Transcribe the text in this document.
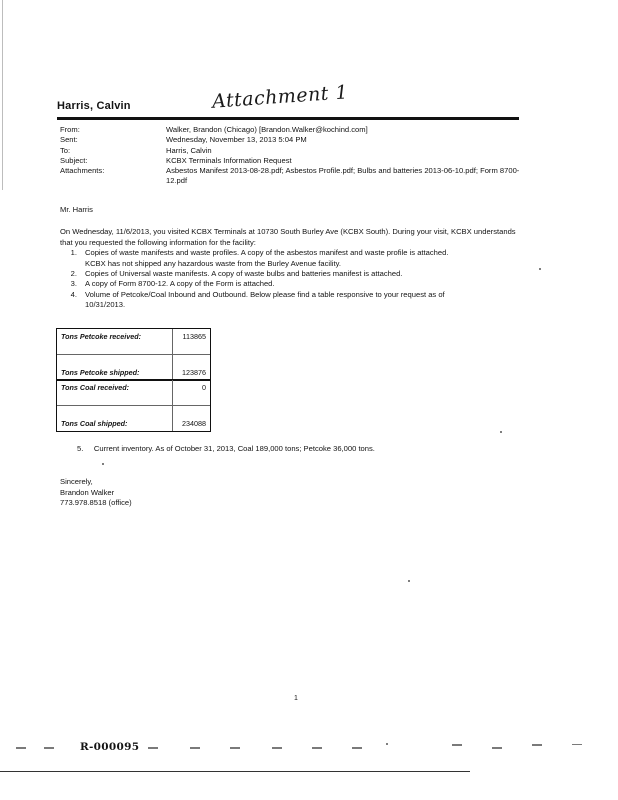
Harris, Calvin	Attachment 1
From:	Walker, Brandon (Chicago) [Brandon.Walker@kochind.com]
Sent:	Wednesday, November 13, 2013 5:04 PM
To:	Harris, Calvin
Subject:	KCBX Terminals Information Request
Attachments:	Asbestos Manifest 2013-08-28.pdf; Asbestos Profile.pdf; Bulbs and batteries 2013-06-10.pdf; Form 8700-12.pdf

Mr. Harris

On Wednesday, 11/6/2013, you visited KCBX Terminals at 10730 South Burley Ave (KCBX South). During your visit, KCBX understands that you requested the following information for the facility:

1. Copies of waste manifests and waste profiles. A copy of the asbestos manifest and waste profile is attached.
KCBX has not shipped any hazardous waste from the Burley Avenue facility.
2. Copies of Universal waste manifests. A copy of waste bulbs and batteries manifest is attached.
3. A copy of Form 8700-12. A copy of the Form is attached.
4. Volume of Petcoke/Coal Inbound and Outbound. Below please find a table responsive to your request as of
10/31/2013.
Tons Petcoke received:	113865
Tons Petcoke shipped:	123876
Tons Coal received:	0
Tons Coal shipped:	234088
5. Current inventory. As of October 31, 2013, Coal 189,000 tons; Petcoke 36,000 tons.
Sincerely,
Brandon Walker
773.978.8518 (office)
1
R-000095
